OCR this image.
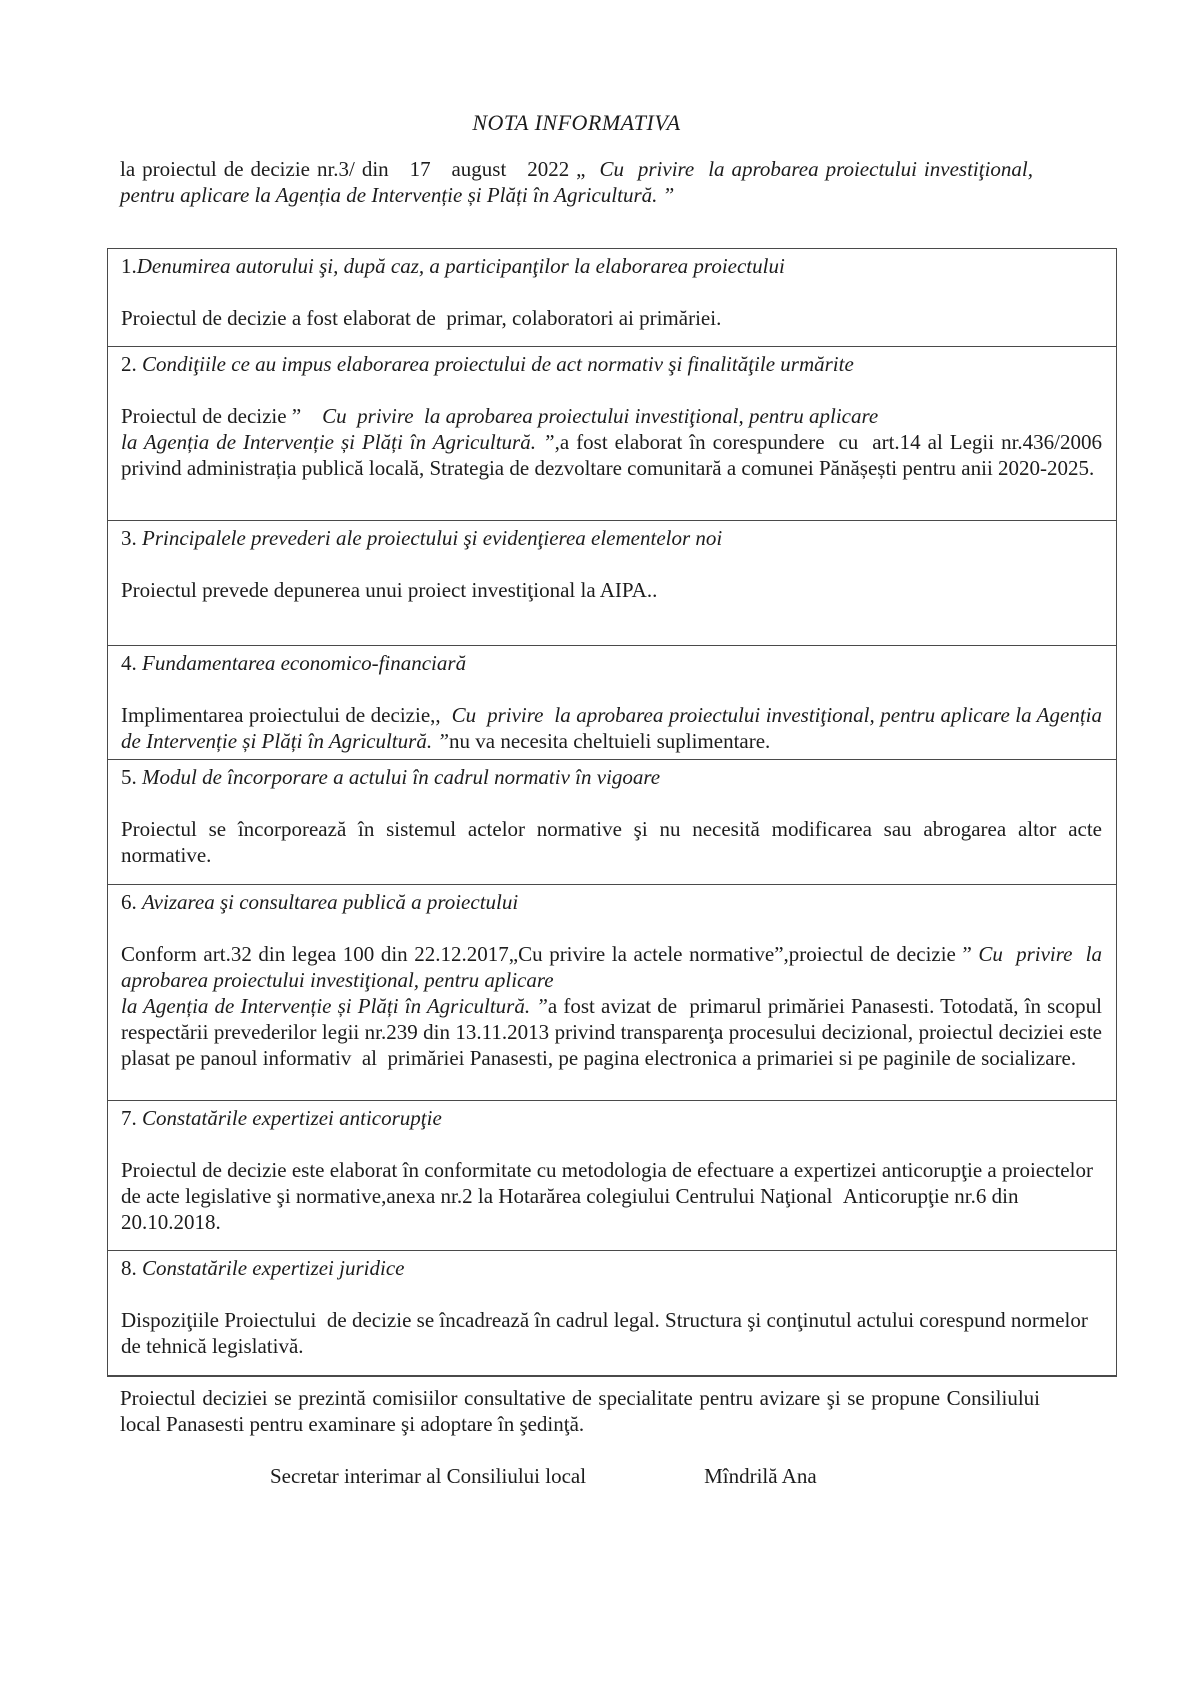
NOTA INFORMATIVA

la proiectul de decizie nr.3/ din   17   august   2022 „  Cu  privire  la aprobarea proiectului investiţional, pentru aplicare la Agenția de Intervenție și Plăți în Agricultură. ”

1.Denumirea autorului şi, după caz, a participanţilor la elaborarea proiectului

Proiectul de decizie a fost elaborat de  primar, colaboratori ai primăriei.

2. Condiţiile ce au impus elaborarea proiectului de act normativ şi finalităţile urmărite

Proiectul de decizie ”    Cu  privire  la aprobarea proiectului investiţional, pentru aplicare
la Agenția de Intervenție și Plăți în Agricultură. ”,a fost elaborat în corespundere  cu  art.14 al Legii nr.436/2006 privind administrația publică locală, Strategia de dezvoltare comunitară a comunei Pănășești pentru anii 2020-2025.

3. Principalele prevederi ale proiectului şi evidenţierea elementelor noi

Proiectul prevede depunerea unui proiect investiţional la AIPA..

4. Fundamentarea economico-financiară

Implimentarea proiectului de decizie,,  Cu  privire  la aprobarea proiectului investiţional, pentru aplicare la Agenția de Intervenție și Plăți în Agricultură. ”nu va necesita cheltuieli suplimentare.

5. Modul de încorporare a actului în cadrul normativ în vigoare

Proiectul se încorporează în sistemul actelor normative şi nu necesită modificarea sau abrogarea altor acte normative.

6. Avizarea şi consultarea publică a proiectului

Conform art.32 din legea 100 din 22.12.2017„Cu privire la actele normative”,proiectul de decizie ” Cu  privire  la aprobarea proiectului investiţional, pentru aplicare
la Agenția de Intervenție și Plăți în Agricultură. ”a fost avizat de  primarul primăriei Panasesti. Totodată, în scopul respectării prevederilor legii nr.239 din 13.11.2013 privind transparenţa procesului decizional, proiectul deciziei este plasat pe panoul informativ  al  primăriei Panasesti, pe pagina electronica a primariei si pe paginile de socializare.

7. Constatările expertizei anticorupţie

Proiectul de decizie este elaborat în conformitate cu metodologia de efectuare a expertizei anticorupţie a proiectelor de acte legislative şi normative,anexa nr.2 la Hotarărea colegiului Centrului Naţional  Anticorupţie nr.6 din 20.10.2018.

8. Constatările expertizei juridice

Dispoziţiile Proiectului  de decizie se încadrează în cadrul legal. Structura şi conţinutul actului corespund normelor de tehnică legislativă.

Proiectul deciziei se prezintă comisiilor consultative de specialitate pentru avizare şi se propune Consiliului local Panasesti pentru examinare şi adoptare în şedinţă.

Secretar interimar al Consiliului local	Mîndrilă Ana
